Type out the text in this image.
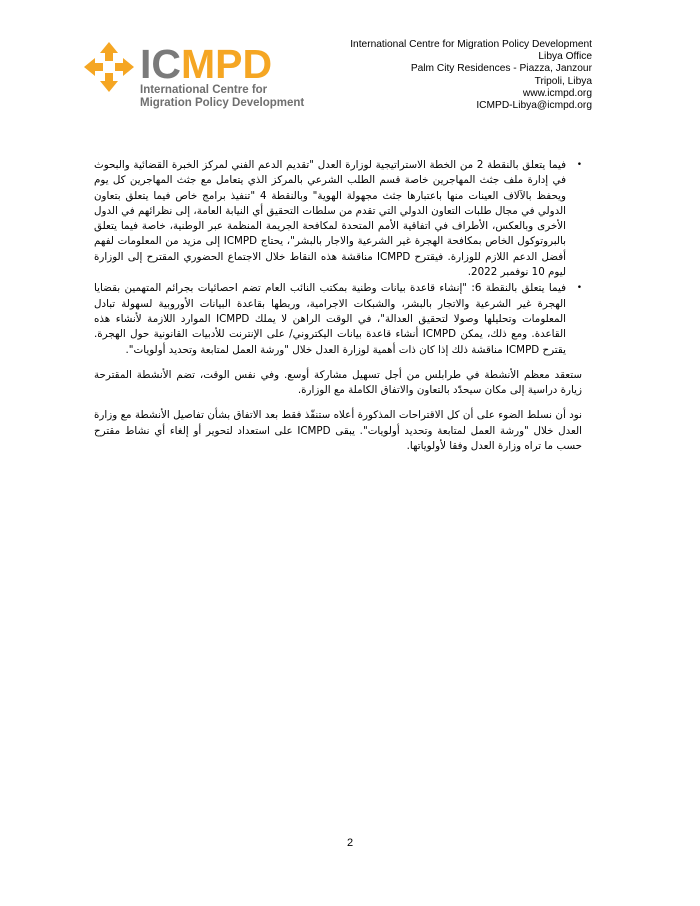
ICMPD
International Centre for
Migration Policy Development
International Centre for Migration Policy Development
Libya Office
Palm City Residences - Piazza, Janzour
Tripoli, Libya
www.icmpd.org
ICMPD-Libya@icmpd.org
•
فيما يتعلق بالنقطة 2 من الخطة الاستراتيجية لوزارة العدل "تقديم الدعم الفني لمركز الخبرة القضائية والبحوث في إدارة ملف جثث المهاجرين خاصة قسم الطلب الشرعي بالمركز الذي يتعامل مع جثث المهاجرين كل يوم ويحفظ بالآلاف العينات منها باعتبارها جثث مجهولة الهوية" وبالنقطة 4 "تنفيذ برامج خاص فيما يتعلق بتعاون الدولي في مجال طلبات التعاون الدولي التي تقدم من سلطات التحقيق أي النيابة العامة، إلى نظرائهم في الدول الأخرى وبالعكس، الأطراف في اتفاقية الأمم المتحدة لمكافحة الجريمة المنظمة عبر الوطنية، خاصة فيما يتعلق بالبروتوكول الخاص بمكافحة الهجرة غير الشرعية والاجار بالبشر"، يحتاج ICMPD إلى مزيد من المعلومات لفهم أفضل الدعم اللازم للوزارة. فيقترح ICMPD مناقشة هذه النقاط خلال الاجتماع الحضوري المقترح إلى الوزارة ليوم 10 نوفمبر 2022.
•
فيما يتعلق بالنقطة 6: "إنشاء قاعدة بيانات وطنية بمكتب النائب العام تضم احصائيات بجرائم المتهمين بقضايا الهجرة غير الشرعية والاتجار بالبشر، والشبكات الاجرامية، وربطها بقاعدة البيانات الأوروبية لسهولة تبادل المعلومات وتحليلها وصولا لتحقيق العدالة"، في الوقت الراهن لا يملك ICMPD الموارد اللازمة لأنشاء هذه القاعدة. ومع ذلك، يمكن ICMPD أنشاء قاعدة بيانات اليكتروني/ على الإنترنت للأدبيات القانونية حول الهجرة. يقترح ICMPD مناقشة ذلك إذا كان ذات أهمية لوزارة العدل خلال "ورشة العمل لمتابعة وتحديد أولويات".

ستعقد معظم الأنشطة في طرابلس من أجل تسهيل مشاركة أوسع. وفي نفس الوقت، تضم الأنشطة المقترحة زيارة دراسية إلى مكان سيحدّد بالتعاون والاتفاق الكاملة مع الوزارة.

نود أن نسلط الضوء على أن كل الاقتراحات المذكورة أعلاه ستنفّذ فقط بعد الاتفاق بشأن تفاصيل الأنشطة مع وزارة العدل خلال "ورشة العمل لمتابعة وتحديد أولويات". يبقى ICMPD على استعداد لتحوير أو إلغاء أي نشاط مقترح حسب ما تراه وزارة العدل وفقا لأولوياتها.

2
